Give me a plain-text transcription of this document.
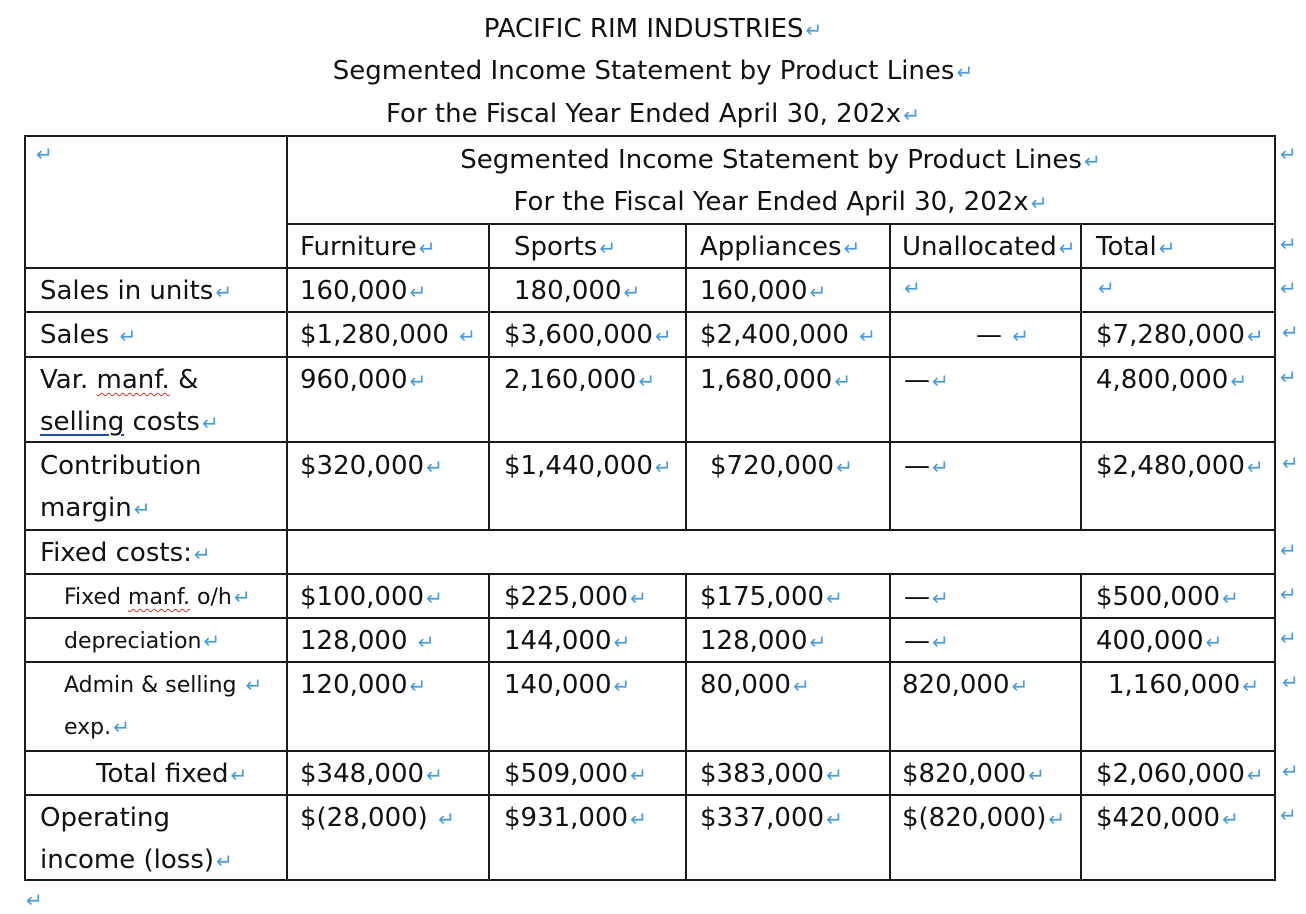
PACIFIC RIM INDUSTRIES ↵
Segmented Income Statement by Product Lines ↵
For the Fiscal Year Ended April 30, 202x ↵
↵	Segmented Income Statement by Product Lines ↵
For the Fiscal Year Ended April 30, 202x ↵
↵
Furniture ↵	Sports ↵	Appliances ↵ Unallocated ↵ Total ↵	↵
Sales in units ↵	160,000 ↵	180,000 ↵ 160,000 ↵	↵	↵	↵
Sales ↵	$1,280,000 ↵ $3,600,000 ↵ $2,400,000 ↵	— ↵	$7,280,000 ↵ ↵
Var. manf. &
selling costs ↵
960,000 ↵	2,160,000 ↵ 1,680,000 ↵ — ↵	4,800,000 ↵ ↵
Contribution
margin ↵
$320,000 ↵ $1,440,000 ↵ $720,000 ↵ — ↵	$2,480,000 ↵ ↵
Fixed costs: ↵	↵
Fixed manf. o/h ↵ $100,000 ↵ $225,000 ↵ $175,000 ↵ — ↵	$500,000 ↵ ↵
depreciation ↵	128,000 ↵	144,000 ↵	128,000 ↵	— ↵	400,000 ↵	↵
Admin & selling ↵
exp. ↵
120,000 ↵	140,000 ↵	80,000 ↵	820,000 ↵	1,160,000 ↵ ↵
Total fixed ↵ $348,000 ↵ $509,000 ↵ $383,000 ↵ $820,000 ↵ $2,060,000 ↵ ↵
Operating
income (loss) ↵
$(28,000) ↵ $931,000 ↵ $337,000 ↵ $(820,000) ↵ $420,000 ↵ ↵
↵
